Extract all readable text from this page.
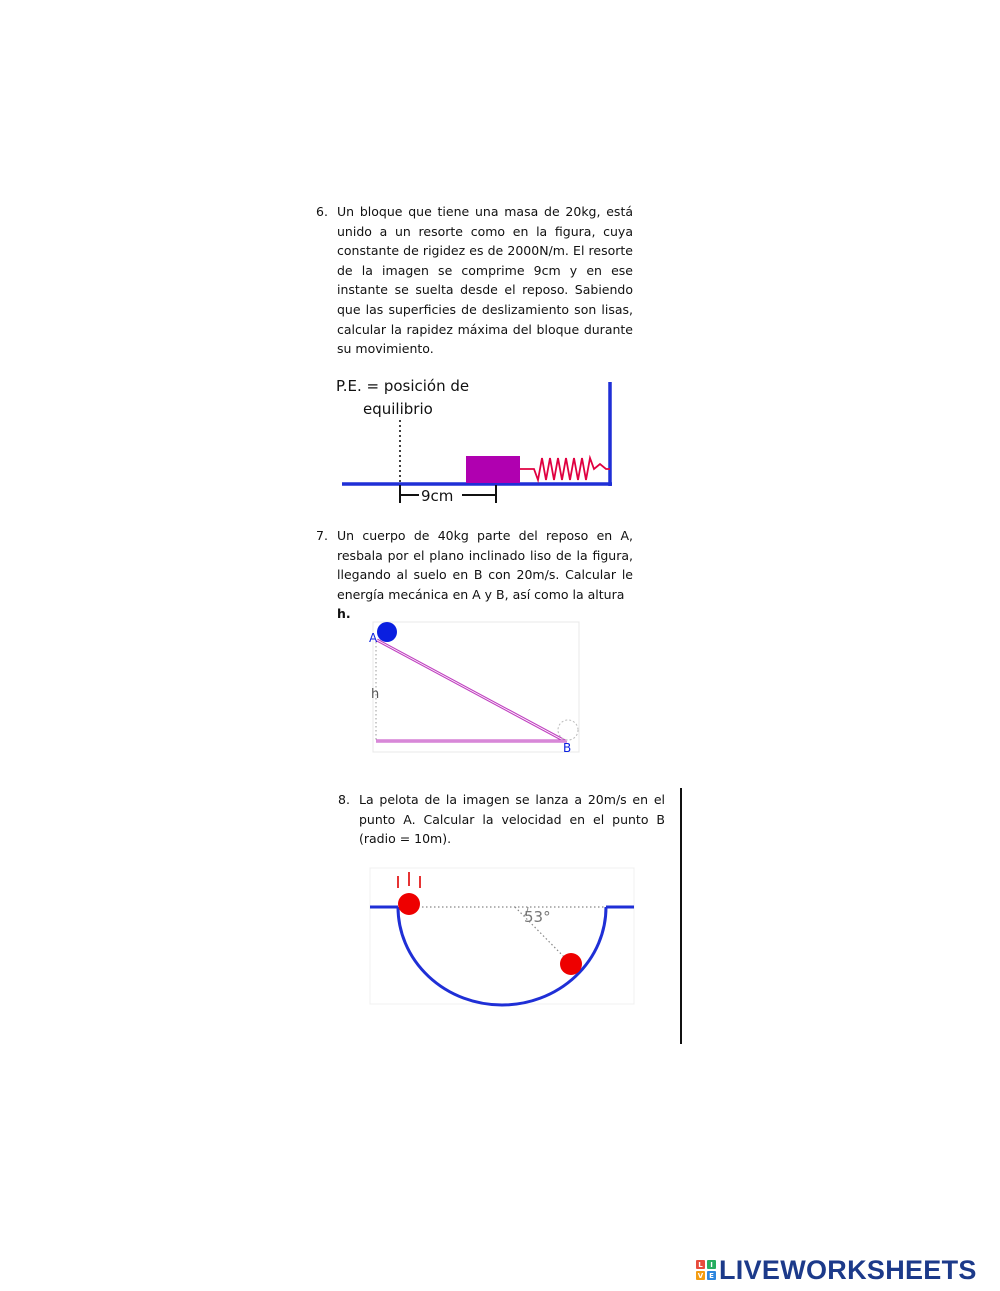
6. Un bloque que tiene una masa de 20kg, está unido a un resorte como en la figura, cuya constante de rigidez es de 2000N/m. El resorte de la imagen se comprime 9cm y en ese instante se suelta desde el reposo. Sabiendo que las superficies de deslizamiento son lisas, calcular la rapidez máxima del bloque durante su movimiento.
P.E. = posición de
equilibrio
9cm
7. Un cuerpo de 40kg parte del reposo en A, resbala por el plano inclinado liso de la figura, llegando al suelo en B con 20m/s. Calcular le energía mecánica en A y B, así como la altura
h.
A
B
h
8. La pelota de la imagen se lanza a 20m/s en el punto A. Calcular la velocidad en el punto B (radio = 10m).
53°
L	I
V E LIVEWORKSHEETS
